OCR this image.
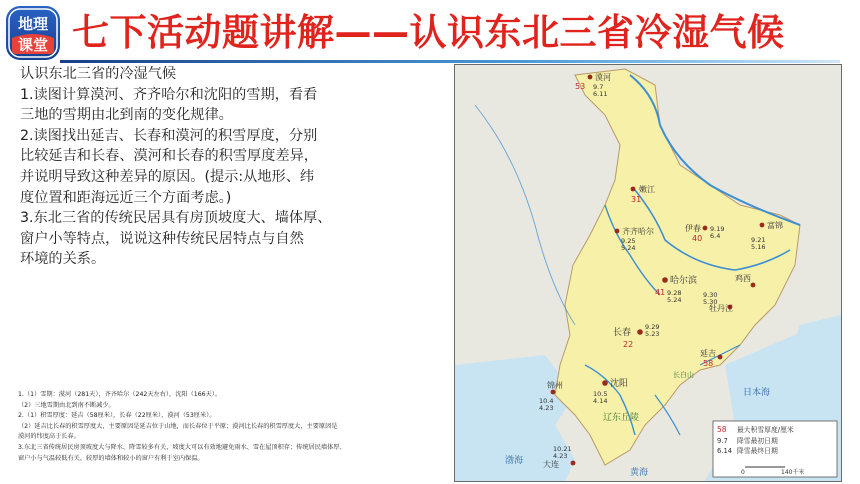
地理
课堂 七下活动题讲解——认识东北三省冷湿气候
认识东北三省的冷湿气候
1.读图计算漠河、齐齐哈尔和沈阳的雪期，看看
三地的雪期由北到南的变化规律。
2.读图找出延吉、长春和漠河的积雪厚度，分别
比较延吉和长春、漠河和长春的积雪厚度差异，
并说明导致这种差异的原因。(提示:从地形、纬
度位置和距海远近三个方面考虑。)
3.东北三省的传统民居具有房顶坡度大、墙体厚、
窗户小等特点，说说这种传统民居特点与自然
环境的关系。
1.（1）雪期：漠河（281天），齐齐哈尔（242天左右），沈阳（166天）。
（2）三地雪期由北到南不断减少。
2.（1）积雪厚度：延吉（58厘米），长春（22厘米），漠河（53厘米）。
（2）延吉比长春的积雪厚度大，主要原因是延吉位于山地，而长春位于平原；漠河比长春的积雪厚度大，主要原因是
漠河的纬度高于长春。
3.东北三省传统居民房顶坡度大与降水、降雪较多有关，坡度大可以有效地避免雨水、雪在屋顶积存；传统居民墙体厚、
窗户小与气温较低有关，较厚的墙体和较小的窗户有利于室内保温。
辽东丘陵
长白山
日本海
渤海
黄海
漠河
53 9.7
6.11
嫩江
31
齐齐哈尔
9.25
5.24
伊春
40
9.19
6.4
富锦
9.21
5.16
哈尔滨
41 9.28
5.24
鸡西
牡丹江
9.30
5.30
长春
22
9.29
5.23
延吉
58
锦州
10.4
4.23
沈阳
10.5
4.14
大连
10.21
4.23
58 最大积雪厚度/厘米
9.7 降雪最初日期
6.14 降雪最终日期
0	140千米
